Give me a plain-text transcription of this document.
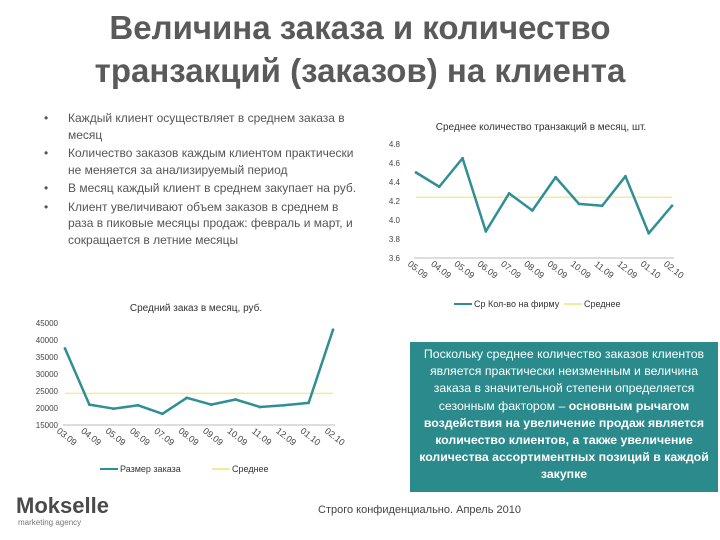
Величина заказа и количество
транзакций (заказов) на клиента
• Каждый клиент осуществляет в среднем заказа в месяц
• Количество заказов каждым клиентом практически не меняется за анализируемый период
• В месяц каждый клиент в среднем закупает на руб.
• Клиент увеличивают объем заказов в среднем в раза в пиковые месяцы продаж: февраль и март, и сокращается в летние месяцы
Среднее количество транзакций в месяц, шт.
3.6
3.8
4.0
4.2
4.4
4.6
4.8
05.09 04.09 05.09 06.09 07.09 08.09 09.09 10.09 11.09 12.09 01.10 02.10
Ср Кол-во на фирму	Среднее
Средний заказ в месяц, руб.
15000
20000
25000
30000
35000
40000
45000
03.09 04.09 05.09 06.09 07.09 08.09 09.09 10.09 11.09 12.09 01.10 02.10
Размер заказа	Среднее
Поскольку среднее количество заказов клиентов является практически неизменным и величина заказа в значительной степени определяется сезонным фактором – основным рычагом воздействия на увеличение продаж является количество клиентов, а также увеличение количества ассортиментных позиций в каждой закупке
Mokselle
marketing agency
Строго конфиденциально. Апрель 2010
